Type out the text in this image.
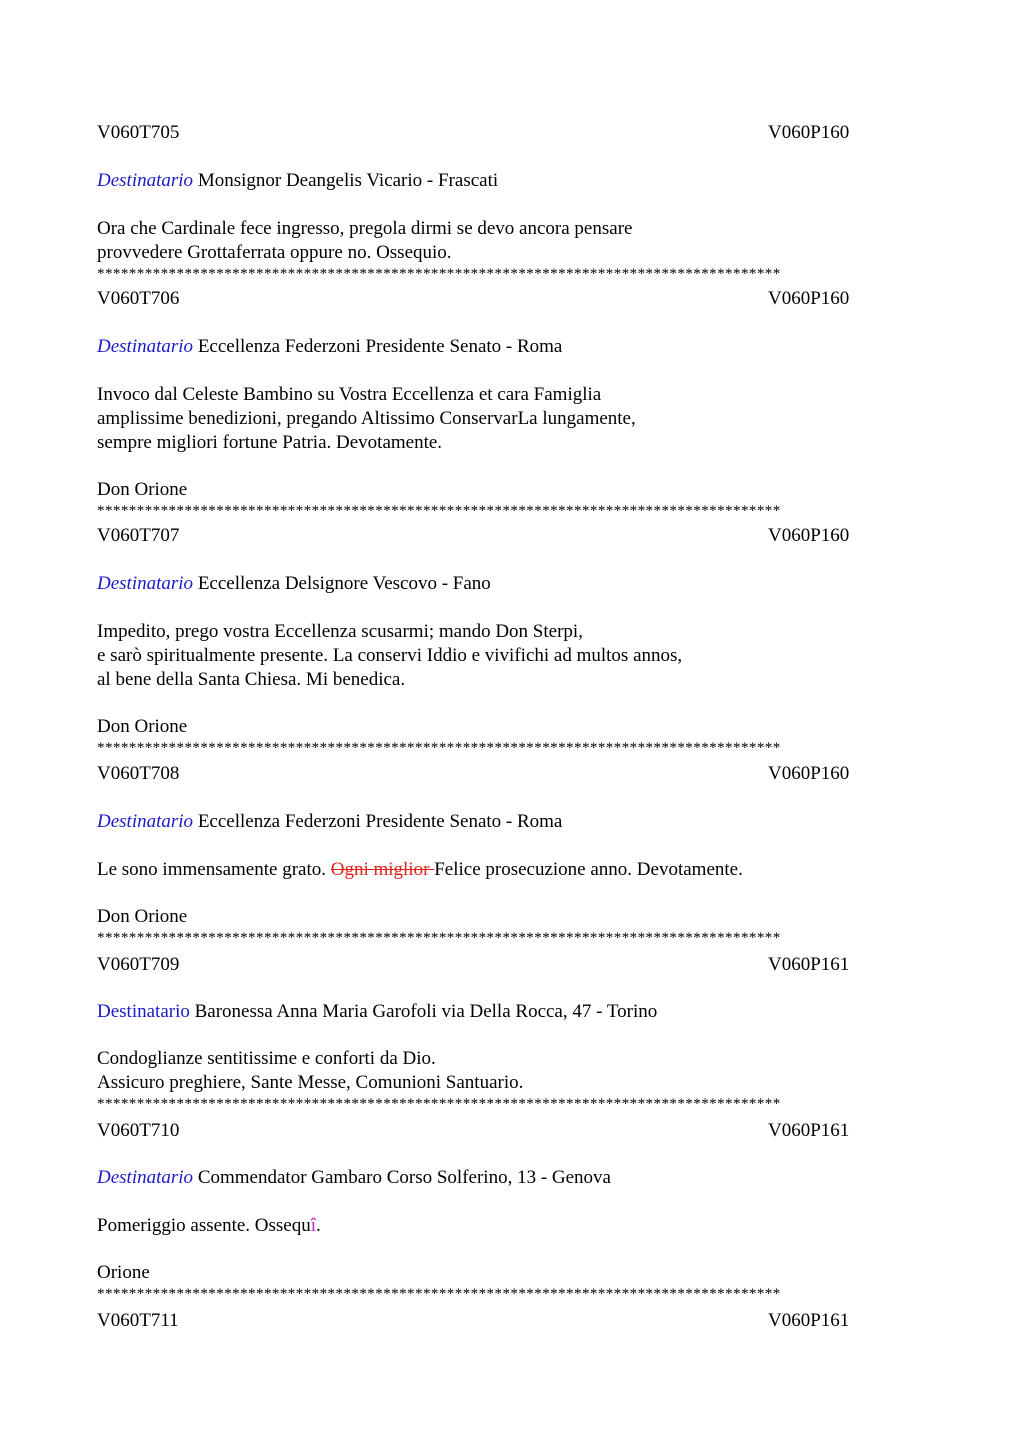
V060T705	V060P160
Destinatario Monsignor Deangelis Vicario - Frascati
Ora che Cardinale fece ingresso, pregola dirmi se devo ancora pensare
provvedere Grottaferrata oppure no. Ossequio.
**************************************************************************************
V060T706	V060P160
Destinatario Eccellenza Federzoni Presidente Senato - Roma
Invoco dal Celeste Bambino su Vostra Eccellenza et cara Famiglia
amplissime benedizioni, pregando Altissimo ConservarLa lungamente,
sempre migliori fortune Patria. Devotamente.
Don Orione
**************************************************************************************
V060T707	V060P160
Destinatario Eccellenza Delsignore Vescovo - Fano
Impedito, prego vostra Eccellenza scusarmi; mando Don Sterpi,
e sarò spiritualmente presente. La conservi Iddio e vivifichi ad multos annos,
al bene della Santa Chiesa. Mi benedica.
Don Orione
**************************************************************************************
V060T708	V060P160
Destinatario Eccellenza Federzoni Presidente Senato - Roma
Le sono immensamente grato. Ogni miglior Felice prosecuzione anno. Devotamente.
Don Orione
**************************************************************************************
V060T709	V060P161
Destinatario Baronessa Anna Maria Garofoli via Della Rocca, 47 - Torino
Condoglianze sentitissime e conforti da Dio.
Assicuro preghiere, Sante Messe, Comunioni Santuario.
**************************************************************************************
V060T710	V060P161
Destinatario Commendator Gambaro Corso Solferino, 13 - Genova
Pomeriggio assente. Ossequî.
Orione
**************************************************************************************
V060T711	V060P161
